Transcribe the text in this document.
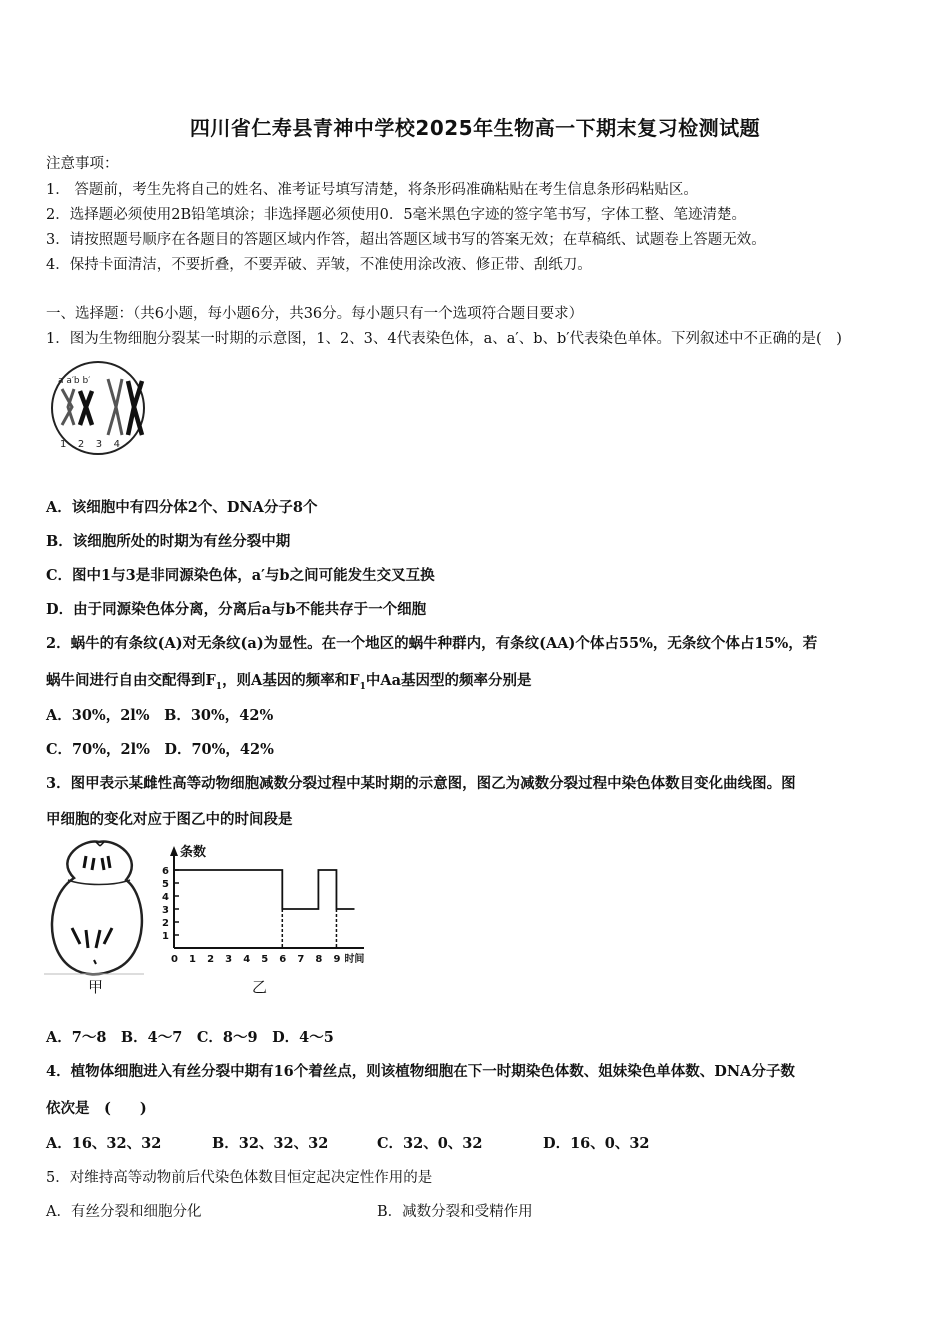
四川省仁寿县青神中学校2025年生物高一下期末复习检测试题
注意事项：
1． 答题前，考生先将自己的姓名、准考证号填写清楚，将条形码准确粘贴在考生信息条形码粘贴区。
2．选择题必须使用2B铅笔填涂；非选择题必须使用0．5毫米黑色字迹的签字笔书写，字体工整、笔迹清楚。
3．请按照题号顺序在各题目的答题区域内作答，超出答题区域书写的答案无效；在草稿纸、试题卷上答题无效。
4．保持卡面清洁，不要折叠，不要弄破、弄皱，不准使用涂改液、修正带、刮纸刀。
一、选择题：（共6小题，每小题6分，共36分。每小题只有一个选项符合题目要求）
1．图为生物细胞分裂某一时期的示意图，1、2、3、4代表染色体，a、a′、b、b′代表染色单体。下列叙述中不正确的是(　)
a a′b b′
1 2 3 4
A．该细胞中有四分体2个、DNA分子8个
B．该细胞所处的时期为有丝分裂中期
C．图中1与3是非同源染色体，a′与b之间可能发生交叉互换
D．由于同源染色体分离，分离后a与b不能共存于一个细胞
2．蜗牛的有条纹(A)对无条纹(a)为显性。在一个地区的蜗牛种群内，有条纹(AA)个体占55%，无条纹个体占15%，若
蜗牛间进行自由交配得到$F_1$，则A基因的频率和$F_1$中Aa基因型的频率分别是
A．30%，2l%　B．30%，42%
C．70%，2l%　D．70%，42%
3．图甲表示某雌性高等动物细胞减数分裂过程中某时期的示意图，图乙为减数分裂过程中染色体数目变化曲线图。图
甲细胞的变化对应于图乙中的时间段是
甲
条数
1
2
3
4
5
6
0 1 2 3 4 5 6 7 8 9 时间
乙
A．7～8　B．4～7　C．8～9　D．4～5
4．植物体细胞进入有丝分裂中期有16个着丝点，则该植物细胞在下一时期染色体数、姐妹染色单体数、DNA分子数
依次是　(　　)
A．16、32、32	B．32、32、32	C．32、0、32	D．16、0、32
5．对维持高等动物前后代染色体数目恒定起决定性作用的是
A．有丝分裂和细胞分化	B．减数分裂和受精作用
